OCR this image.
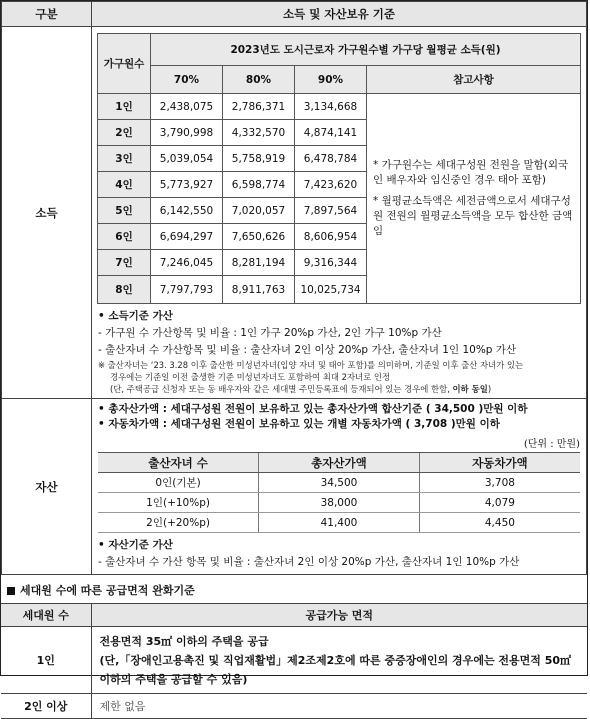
구분	소득 및 자산보유 기준
소득	
가구원수	2023년도 도시근로자 가구원수별 가구당 월평균 소득(원)
70%	80%	90%	참고사항
1인	2,438,075	2,786,371	3,134,668	
* 가구원수는 세대구성원 전원을 말함(외국인 배우자와 임신중인 경우 태아 포함)
* 월평균소득액은 세전금액으로서 세대구성원 전원의 월평균소득액을 모두 합산한 금액임

2인	3,790,998	4,332,570	4,874,141
3인	5,039,054	5,758,919	6,478,784
4인	5,773,927	6,598,774	7,423,620
5인	6,142,550	7,020,057	7,897,564
6인	6,694,297	7,650,626	8,606,954
7인	7,246,045	8,281,194	9,316,344
8인	7,797,793	8,911,763	10,025,734
• 소득기준 가산
- 가구원 수 가산항목 및 비율 : 1인 가구 20%p 가산, 2인 가구 10%p 가산
- 출산자녀 수 가산항목 및 비율 : 출산자녀 2인 이상 20%p 가산, 출산자녀 1인 10%p 가산
※ 출산자녀는 ‘23. 3.28 이후 출산한 미성년자녀(입양 자녀 및 태아 포함)를 의미하며, 기준일 이후 출산 자녀가 있는
경우에는 기준일 이전 출생한 기준 미성년자녀도 포함하여 최대 2자녀로 인정
(단, 주택공급 신청자 또는 동 배우자와 같은 세대별 주민등록표에 등재되어 있는 경우에 한함, 이하 동일)

자산	
• 총자산가액 : 세대구성원 전원이 보유하고 있는 총자산가액 합산기준 ( 34,500 )만원 이하
• 자동차가액 : 세대구성원 전원이 보유하고 있는 개별 자동차가액 ( 3,708 )만원 이하
(단위 : 만원)
출산자녀 수	총자산가액	자동차가액
0인(기본)	34,500	3,708
1인(+10%p)	38,000	4,079
2인(+20%p)	41,400	4,450
• 자산기준 가산
- 출산자녀 수 가산 항목 및 비율 : 출산자녀 2인 이상 20%p 가산, 출산자녀 1인 10%p 가산
세대원 수에 따른 공급면적 완화기준
세대원 수	공급가능 면적
1인	전용면적 35㎡ 이하의 주택을 공급
(단,「장애인고용촉진 및 직업재활법」제2조제2호에 따른 중증장애인의 경우에는 전용면적 50㎡ 이하의 주택을 공급할 수 있음)

2인 이상	제한 없음
